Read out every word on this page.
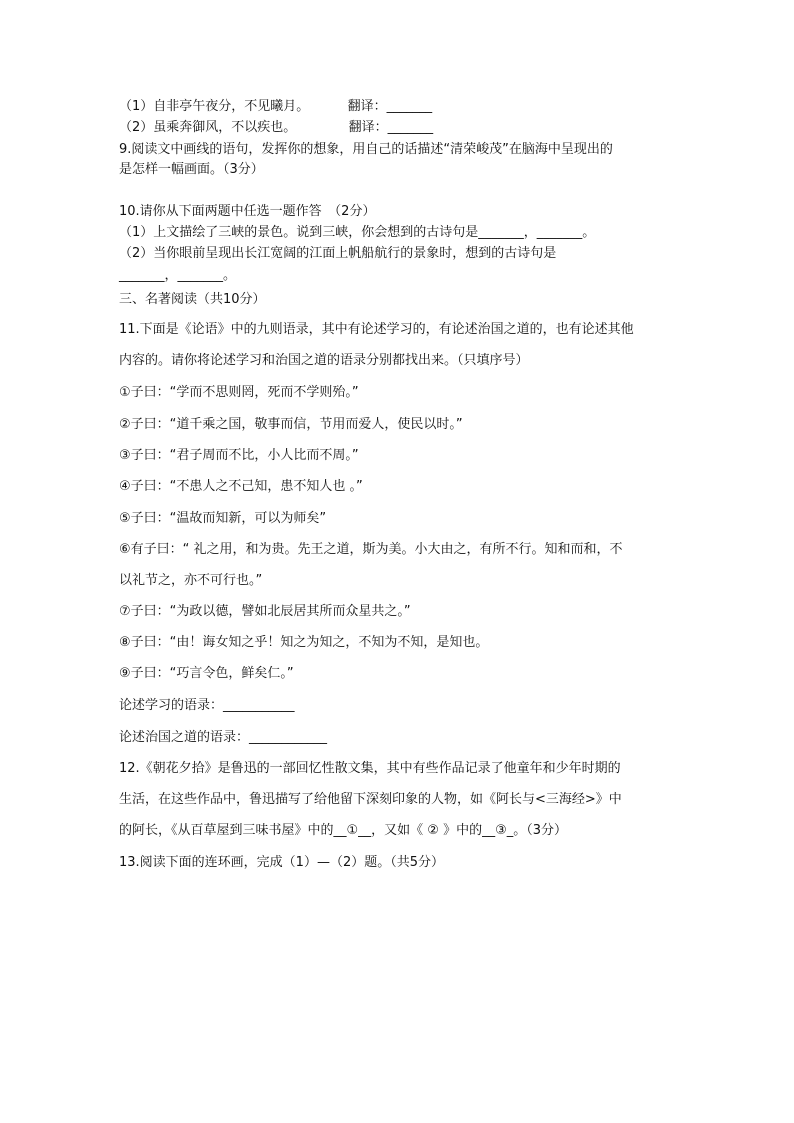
（1）自非亭午夜分，不见曦月。	翻译：_______
（2）虽乘奔御风，不以疾也。	翻译：_______
9.阅读文中画线的语句，发挥你的想象，用自己的话描述“清荣峻茂”在脑海中呈现出的
是怎样一幅画面。（3分）
10.请你从下面两题中任选一题作答　（2分）
（1）上文描绘了三峡的景色。说到三峡，你会想到的古诗句是_______，_______。
（2）当你眼前呈现出长江宽阔的江面上帆船航行的景象时，想到的古诗句是
_______，_______。
三、名著阅读（共10分）
11.下面是《论语》中的九则语录，其中有论述学习的，有论述治国之道的，也有论述其他
内容的。请你将论述学习和治国之道的语录分别都找出来。（只填序号）
①子曰：“学而不思则罔，死而不学则殆。”
②子曰：“道千乘之国，敬事而信，节用而爱人，使民以时。”
③子曰：“君子周而不比，小人比而不周。”
④子曰：“不患人之不己知，患不知人也 。”
⑤子曰：“温故而知新，可以为师矣”
⑥有子曰：“ 礼之用，和为贵。先王之道，斯为美。小大由之，有所不行。知和而和，不
以礼节之，亦不可行也。”
⑦子曰：“为政以德，譬如北辰居其所而众星共之。”
⑧子曰：“由！诲女知之乎！知之为知之，不知为不知，是知也。
⑨子曰：“巧言令色，鲜矣仁。”
论述学习的语录：___________
论述治国之道的语录：____________
12.《朝花夕拾》是鲁迅的一部回忆性散文集，其中有些作品记录了他童年和少年时期的
生活，在这些作品中，鲁迅描写了给他留下深刻印象的人物，如《阿长与<三海经>》中
的阿长，《从百草屋到三味书屋》中的__①__，又如《 ② 》中的__③_。（3分）
13.阅读下面的连环画，完成（1）—（2）题。（共5分）
